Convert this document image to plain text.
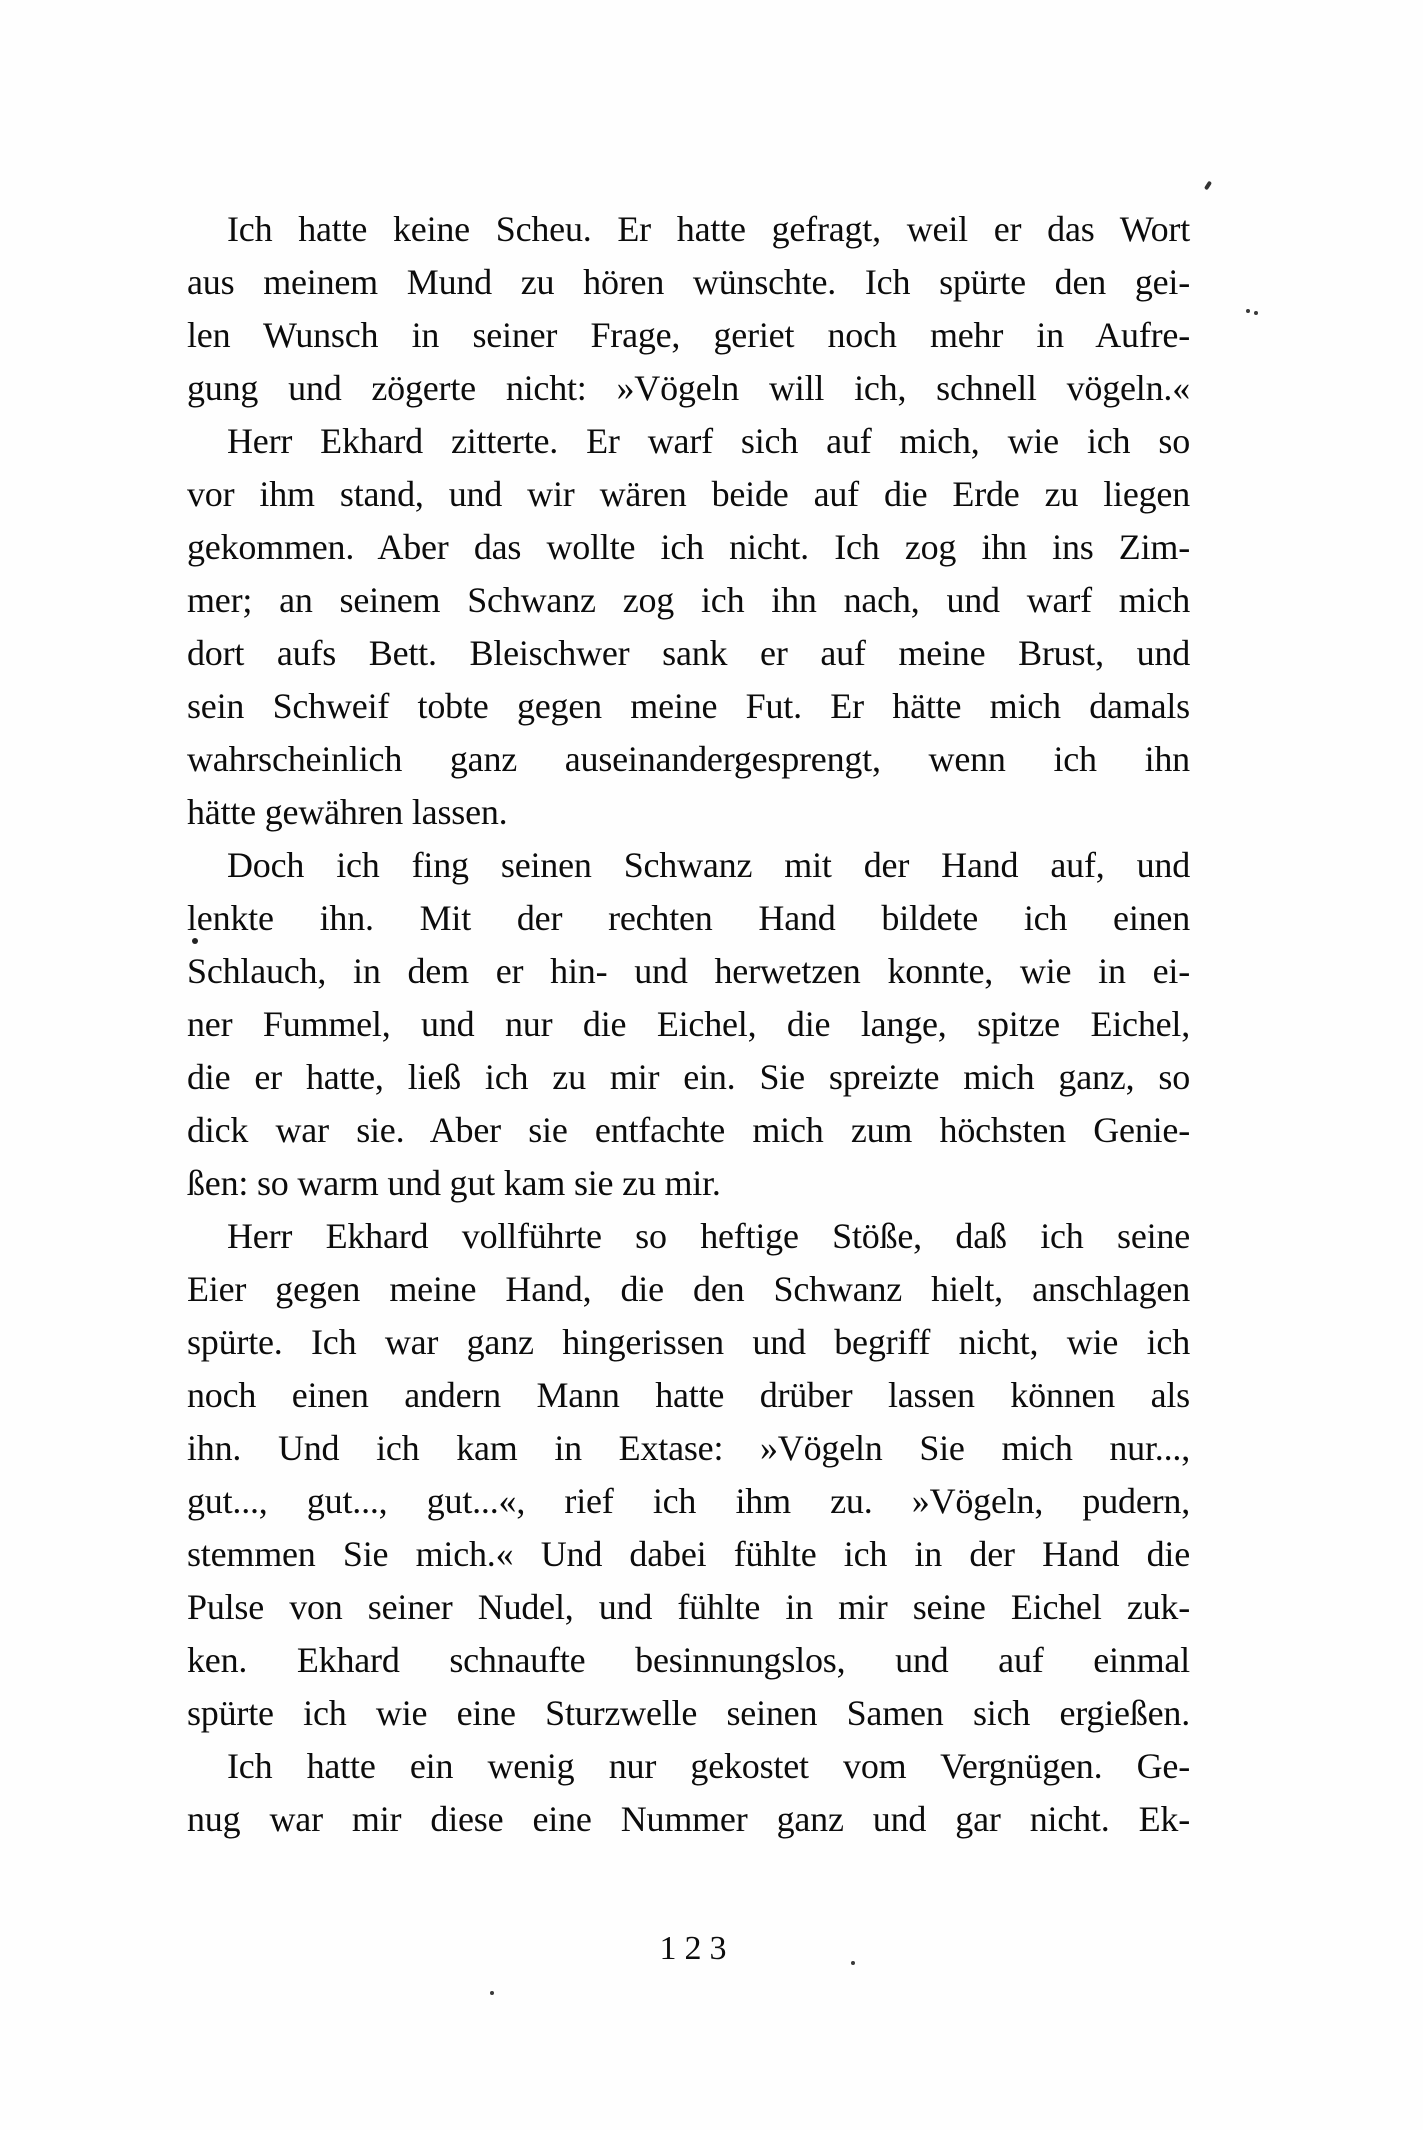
Ich hatte keine Scheu. Er hatte gefragt, weil er das Wort
aus meinem Mund zu hören wünschte. Ich spürte den gei-
len Wunsch in seiner Frage, geriet noch mehr in Aufre-
gung und zögerte nicht: »Vögeln will ich, schnell vögeln.«
Herr Ekhard zitterte. Er warf sich auf mich, wie ich so
vor ihm stand, und wir wären beide auf die Erde zu liegen
gekommen. Aber das wollte ich nicht. Ich zog ihn ins Zim-
mer; an seinem Schwanz zog ich ihn nach, und warf mich
dort aufs Bett. Bleischwer sank er auf meine Brust, und
sein Schweif tobte gegen meine Fut. Er hätte mich damals
wahrscheinlich ganz auseinandergesprengt, wenn ich ihn
hätte gewähren lassen.
Doch ich fing seinen Schwanz mit der Hand auf, und
lenkte ihn. Mit der rechten Hand bildete ich einen
Schlauch, in dem er hin- und herwetzen konnte, wie in ei-
ner Fummel, und nur die Eichel, die lange, spitze Eichel,
die er hatte, ließ ich zu mir ein. Sie spreizte mich ganz, so
dick war sie. Aber sie entfachte mich zum höchsten Genie-
ßen: so warm und gut kam sie zu mir.
Herr Ekhard vollführte so heftige Stöße, daß ich seine
Eier gegen meine Hand, die den Schwanz hielt, anschlagen
spürte. Ich war ganz hingerissen und begriff nicht, wie ich
noch einen andern Mann hatte drüber lassen können als
ihn. Und ich kam in Extase: »Vögeln Sie mich nur...,
gut..., gut..., gut...«, rief ich ihm zu. »Vögeln, pudern,
stemmen Sie mich.« Und dabei fühlte ich in der Hand die
Pulse von seiner Nudel, und fühlte in mir seine Eichel zuk-
ken. Ekhard schnaufte besinnungslos, und auf einmal
spürte ich wie eine Sturzwelle seinen Samen sich ergießen.
Ich hatte ein wenig nur gekostet vom Vergnügen. Ge-
nug war mir diese eine Nummer ganz und gar nicht. Ek-
123
